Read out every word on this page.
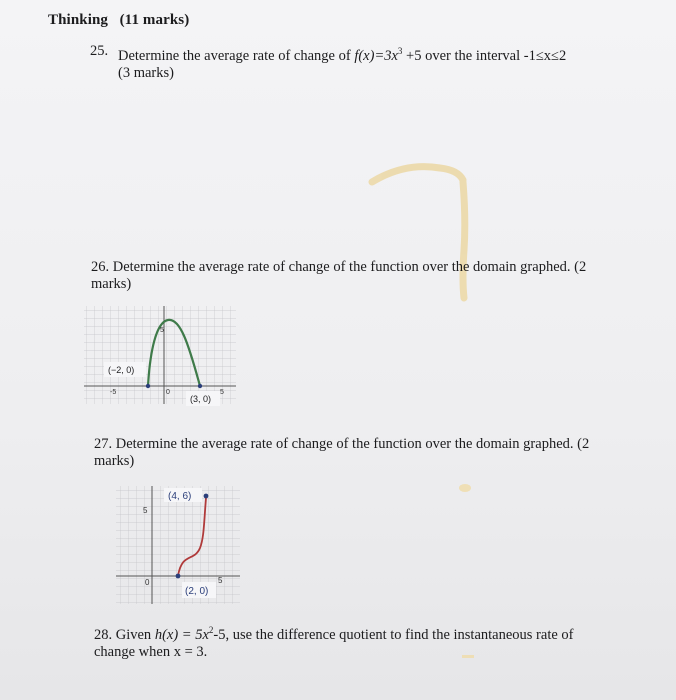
Thinking (11 marks)
25. Determine the average rate of change of $f(x)=3x^3 +5$ over the interval -1≤x≤2
(3 marks)
26. Determine the average rate of change of the function over the domain graphed. (2 marks)
(−2, 0)
(3, 0)
-5	0	5
5
27. Determine the average rate of change of the function over the domain graphed. (2 marks)
(4, 6)
(2, 0)
5
0	5
28. Given $h(x) = 5x^2-5$, use the difference quotient to find the instantaneous rate of change when x = 3.
